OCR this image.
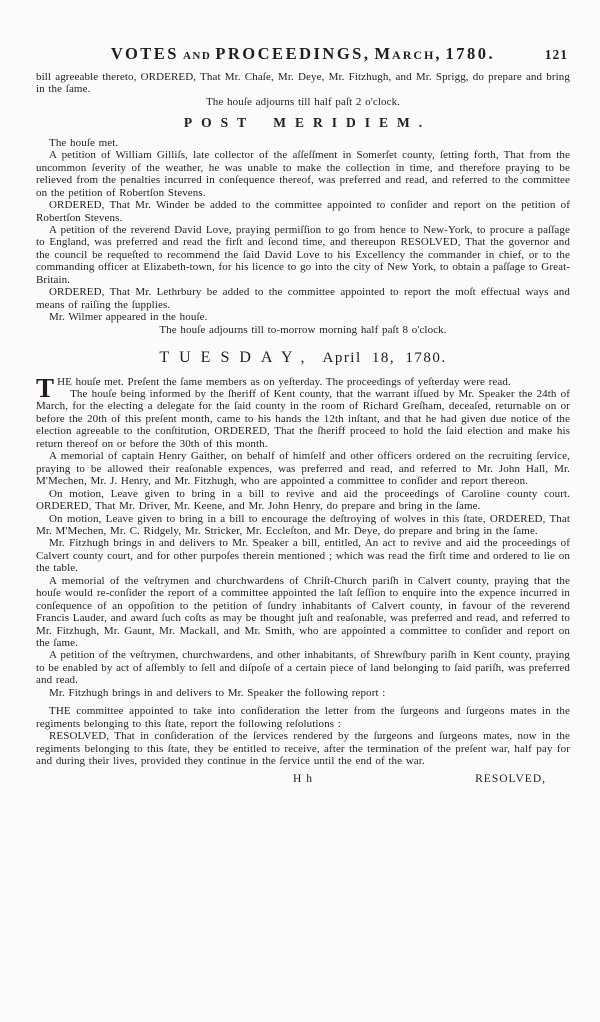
VOTES AND PROCEEDINGS, March, 1780.	121

bill agreeable thereto, ORDERED, That Mr. Chaſe, Mr. Deye, Mr. Fitzhugh, and Mr. Sprigg, do prepare and bring in the ſame.

The houſe adjourns till half paſt 2 o'clock.

POST MERIDIEM.

The houſe met.

A petition of William Gilliſs, late collector of the aſſeſſment in Somerſet county, ſetting forth, That from the uncommon ſeverity of the weather, he was unable to make the collection in time, and therefore praying to be relieved from the penalties incurred in conſequence thereof, was preferred and read, and referred to the committee on the petition of Robertſon Stevens.

ORDERED, That Mr. Winder be added to the committee appointed to conſider and report on the petition of Robertſon Stevens.

A petition of the reverend David Love, praying permiſſion to go from hence to New-York, to procure a paſſage to England, was preferred and read the firſt and ſecond time, and thereupon RESOLVED, That the governor and the council be requeſted to recommend the ſaid David Love to his Excellency the commander in chief, or to the commanding officer at Elizabeth-town, for his licence to go into the city of New York, to obtain a paſſage to Great-Britain.

ORDERED, That Mr. Lethrbury be added to the committee appointed to report the moſt effectual ways and means of raiſing the ſupplies.

Mr. Wilmer appeared in the houſe.

The houſe adjourns till to-morrow morning half paſt 8 o'clock.

TUESDAY, April 18, 1780.

THE houſe met. Preſent the ſame members as on yeſterday. The proceedings of yeſterday were read.

The houſe being informed by the ſheriff of Kent county, that the warrant iſſued by Mr. Speaker the 24th of March, for the electing a delegate for the ſaid county in the room of Richard Greſham, deceaſed, returnable on or before the 20th of this preſent month, came to his hands the 12th inſtant, and that he had given due notice of the election agreeable to the conſtitution, ORDERED, That the ſheriff proceed to hold the ſaid election and make his return thereof on or before the 30th of this month.

A memorial of captain Henry Gaither, on behalf of himſelf and other officers ordered on the recruiting ſervice, praying to be allowed their reaſonable expences, was preferred and read, and referred to Mr. John Hall, Mr. M'Mechen, Mr. J. Henry, and Mr. Fitzhugh, who are appointed a committee to conſider and report thereon.

On motion, Leave given to bring in a bill to revive and aid the proceedings of Caroline county court. ORDERED, That Mr. Driver, Mr. Keene, and Mr. John Henry, do prepare and bring in the ſame.

On motion, Leave given to bring in a bill to encourage the deſtroying of wolves in this ſtate, ORDERED, That Mr. M'Mechen, Mr. C. Ridgely, Mr. Stricker, Mr. Eccleſton, and Mr. Deye, do prepare and bring in the ſame.

Mr. Fitzhugh brings in and delivers to Mr. Speaker a bill, entitled, An act to revive and aid the proceedings of Calvert county court, and for other purpoſes therein mentioned ; which was read the firſt time and ordered to lie on the table.

A memorial of the veſtrymen and churchwardens of Chriſt-Church pariſh in Calvert county, praying that the houſe would re-conſider the report of a committee appointed the laſt ſeſſion to enquire into the expence incurred in conſequence of an oppoſition to the petition of ſundry inhabitants of Calvert county, in favour of the reverend Francis Lauder, and award ſuch coſts as may be thought juſt and reaſonable, was preferred and read, and referred to Mr. Fitzhugh, Mr. Gaunt, Mr. Mackall, and Mr. Smith, who are appointed a committee to conſider and report on the ſame.

A petition of the veſtrymen, churchwardens, and other inhabitants, of Shrewſbury pariſh in Kent county, praying to be enabled by act of aſſembly to ſell and diſpoſe of a certain piece of land belonging to ſaid pariſh, was preferred and read.

Mr. Fitzhugh brings in and delivers to Mr. Speaker the following report :

THE committee appointed to take into conſideration the letter from the ſurgeons and ſurgeons mates in the regiments belonging to this ſtate, report the following reſolutions :

RESOLVED, That in conſideration of the ſervices rendered by the ſurgeons and ſurgeons mates, now in the regiments belonging to this ſtate, they be entitled to receive, after the termination of the preſent war, half pay for and during their lives, provided they continue in the ſervice until the end of the war.

H h	RESOLVED,
